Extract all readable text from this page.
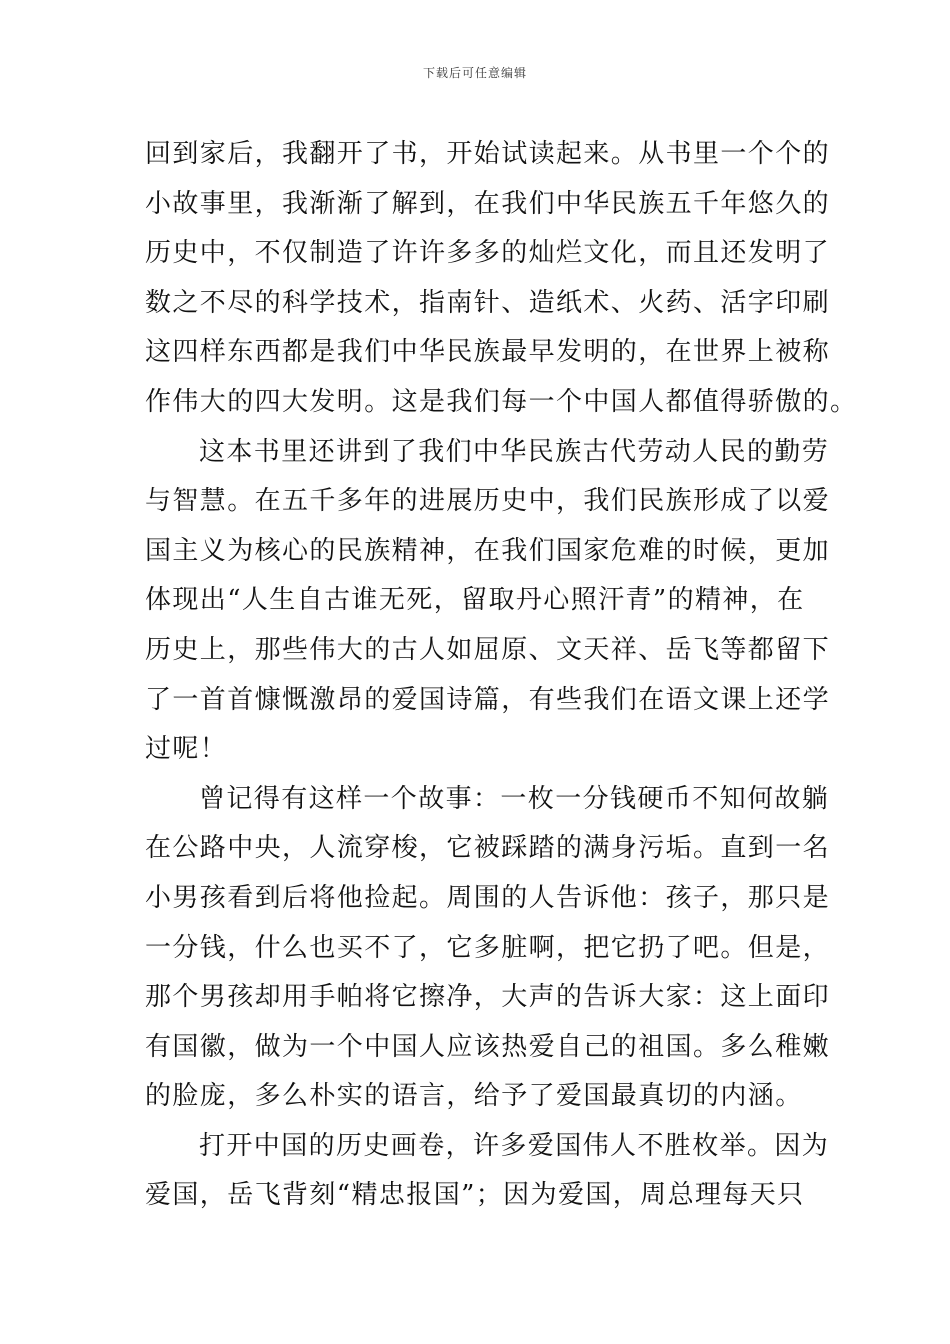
下载后可任意编辑
回到家后，我翻开了书，开始试读起来。从书里一个个的
小故事里，我渐渐了解到，在我们中华民族五千年悠久的
历史中，不仅制造了许许多多的灿烂文化，而且还发明了
数之不尽的科学技术，指南针、造纸术、火药、活字印刷
这四样东西都是我们中华民族最早发明的，在世界上被称
作伟大的四大发明。这是我们每一个中国人都值得骄傲的。
这本书里还讲到了我们中华民族古代劳动人民的勤劳
与智慧。在五千多年的进展历史中，我们民族形成了以爱
国主义为核心的民族精神，在我们国家危难的时候，更加
体现出“人生自古谁无死，留取丹心照汗青”的精神，在
历史上，那些伟大的古人如屈原、文天祥、岳飞等都留下
了一首首慷慨激昂的爱国诗篇，有些我们在语文课上还学
过呢！
曾记得有这样一个故事：一枚一分钱硬币不知何故躺
在公路中央，人流穿梭，它被踩踏的满身污垢。直到一名
小男孩看到后将他捡起。周围的人告诉他：孩子，那只是
一分钱，什么也买不了，它多脏啊，把它扔了吧。但是，
那个男孩却用手帕将它擦净，大声的告诉大家：这上面印
有国徽，做为一个中国人应该热爱自己的祖国。多么稚嫩
的脸庞，多么朴实的语言，给予了爱国最真切的内涵。
打开中国的历史画卷，许多爱国伟人不胜枚举。因为
爱国，岳飞背刻“精忠报国”；因为爱国，周总理每天只
